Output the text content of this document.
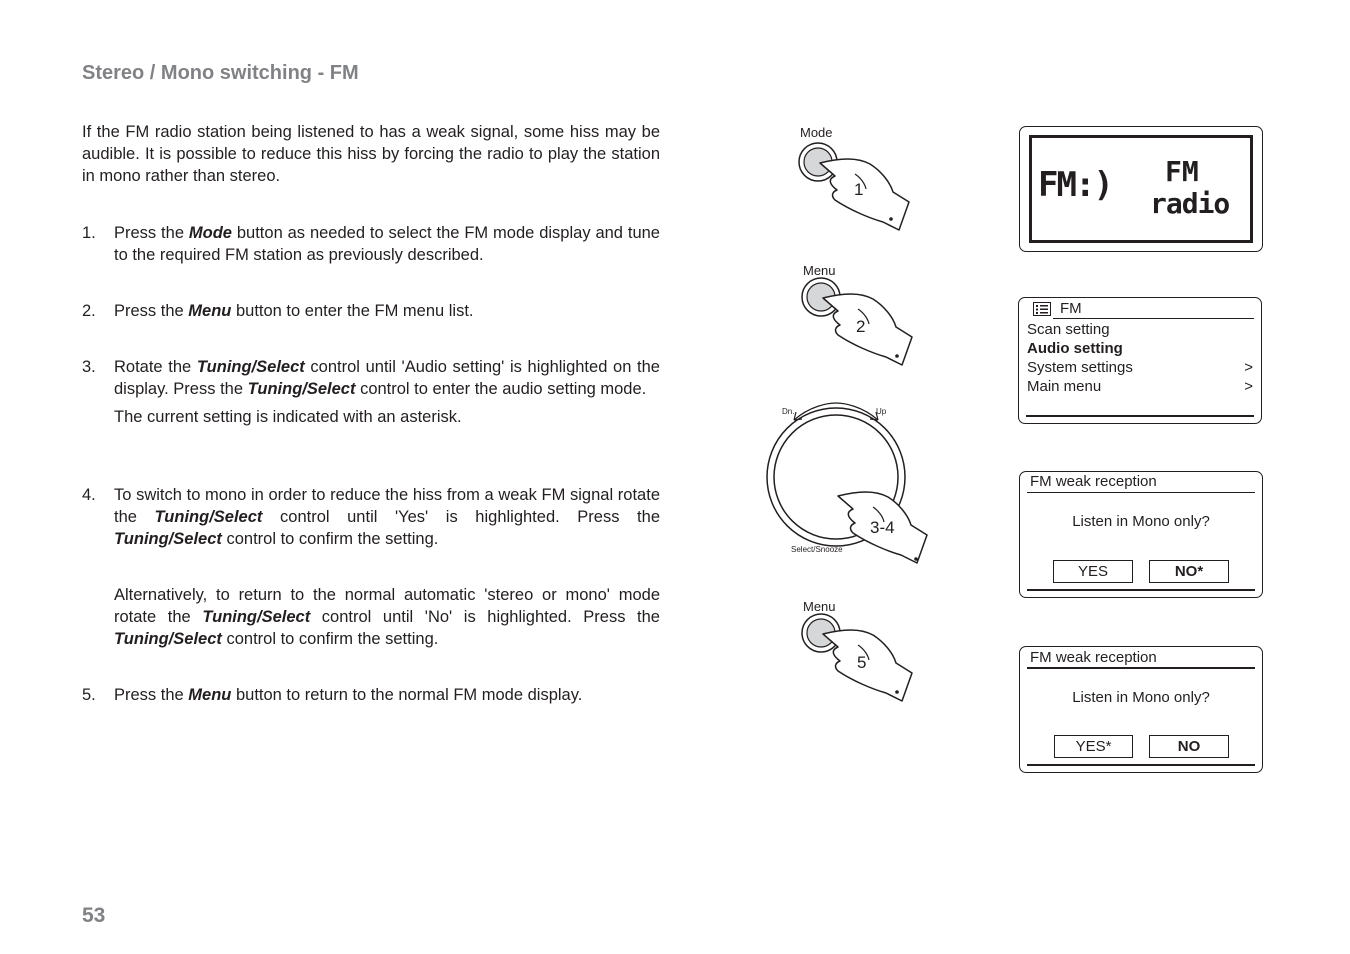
Stereo / Mono switching - FM

If the FM radio station being listened to has a weak signal, some hiss may be audible. It is possible to reduce this hiss by forcing the radio to play the station in mono rather than stereo.

1. Press the Mode button as needed to select the FM mode display and tune to the required FM station as previously described.

2. Press the Menu button to enter the FM menu list.

3. Rotate the Tuning/Select control until 'Audio setting' is highlighted on the display. Press the Tuning/Select control to enter the audio setting mode.

The current setting is indicated with an asterisk.

4. To switch to mono in order to reduce the hiss from a weak FM signal rotate the Tuning/Select control until 'Yes' is highlighted. Press the Tuning/Select control to confirm the setting.

Alternatively, to return to the normal automatic 'stereo or mono' mode rotate the Tuning/Select control until 'No' is highlighted. Press the Tuning/Select control to confirm the setting.

5. Press the Menu button to return to the normal FM mode display.

53
Mode
1
Menu
2
Dn.	Up
Select/Snooze
3-4
Menu
5
FM:) FM
radio
FM
Scan setting
Audio setting
System settings	>
Main menu	>
FM weak reception
Listen in Mono only?
YES	NO*
FM weak reception
Listen in Mono only?
YES*	NO
